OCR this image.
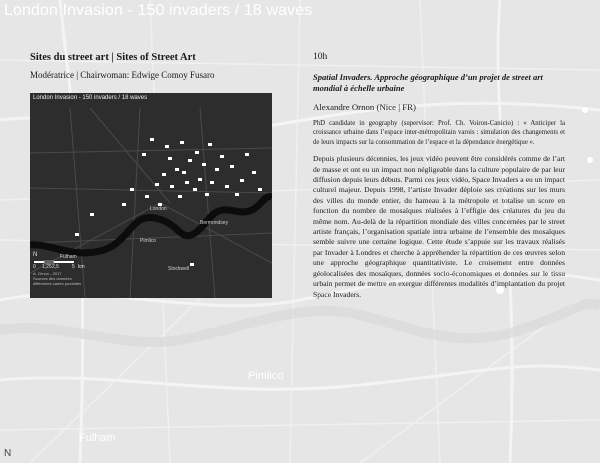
London Invasion - 150 invaders / 18 waves
Pimlico
Fulham
N
Sites du street art | Sites of Street Art
Modératrice | Chairwoman: Edwige Comoy Fusaro
London Invasion - 150 invaders / 18 waves
London
Bermondsey
Pimlico
Fulham
Stockwell
N
0 1,25 2,5	5 km
A. Ornon - 2017
Sources des données
différentes cartes produites
10h
Spatial Invaders. Approche géographique d’un projet de street art mondial à échelle urbaine
Alexandre Ornon (Nice | FR)
PhD candidate in geography (supervisor: Prof. Ch. Voiron-Canicio) : « Anticiper la croissance urbaine dans l’espace inter-métropolitain varois : simulation des changements et de leurs impacts sur la consommation de l’espace et la dépendance énergétique ».
Depuis plusieurs décennies, les jeux vidéo peuvent être considérés comme de l’art de masse et ont eu un impact non négligeable dans la culture populaire de par leur diffusion depuis leurs débuts. Parmi ces jeux vidéo, Space Invaders a eu un impact culturel majeur. Depuis 1998, l’artiste Invader déploie ses créations sur les murs des villes du monde entier, du hameau à la métropole et totalise un score en fonction du nombre de mosaïques réalisées à l’effigie des créatures du jeu du même nom. Au-delà de la répartition mondiale des villes concernées par le street artiste français, l’organisation spatiale intra urbaine de l’ensemble des mosaïques semble suivre une certaine logique. Cette étude s’appuie sur les travaux réalisés par Invader à Londres et cherche à appréhender la répartition de ces œuvres selon une approche géographique quantitativiste. Le croisement entre données géolocalisées des mosaïques, données socio-économiques et données sur le tissu urbain permet de mettre en exergue différentes modalités d’implantation du projet Space Invaders.
